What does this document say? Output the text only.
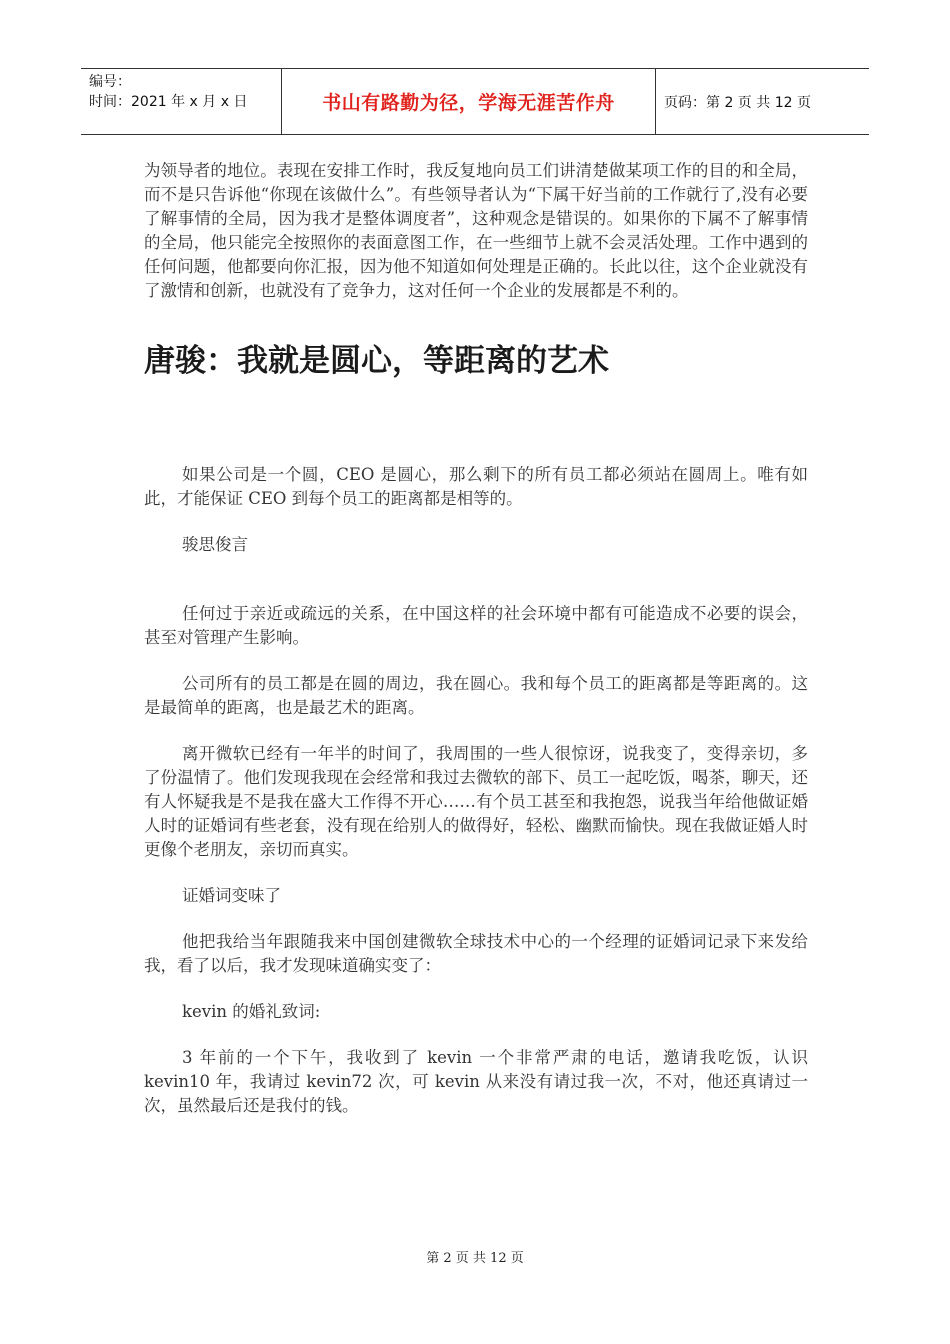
编号：
时间：2021 年 x 月 x 日	书山有路勤为径，学海无涯苦作舟	页码：第 2 页 共 12 页

为领导者的地位。表现在安排工作时，我反复地向员工们讲清楚做某项工作的目的和全局，而不是只告诉他“你现在该做什么”。有些领导者认为“下属干好当前的工作就行了,没有必要了解事情的全局，因为我才是整体调度者”，这种观念是错误的。如果你的下属不了解事情的全局，他只能完全按照你的表面意图工作，在一些细节上就不会灵活处理。工作中遇到的任何问题，他都要向你汇报，因为他不知道如何处理是正确的。长此以往，这个企业就没有了激情和创新，也就没有了竞争力，这对任何一个企业的发展都是不利的。

唐骏：我就是圆心，等距离的艺术

如果公司是一个圆，CEO 是圆心，那么剩下的所有员工都必须站在圆周上。唯有如此，才能保证 CEO 到每个员工的距离都是相等的。

骏思俊言

任何过于亲近或疏远的关系，在中国这样的社会环境中都有可能造成不必要的误会，甚至对管理产生影响。

公司所有的员工都是在圆的周边，我在圆心。我和每个员工的距离都是等距离的。这是最简单的距离，也是最艺术的距离。

离开微软已经有一年半的时间了，我周围的一些人很惊讶，说我变了，变得亲切，多了份温情了。他们发现我现在会经常和我过去微软的部下、员工一起吃饭，喝茶，聊天，还有人怀疑我是不是我在盛大工作得不开心……有个员工甚至和我抱怨，说我当年给他做证婚人时的证婚词有些老套，没有现在给别人的做得好，轻松、幽默而愉快。现在我做证婚人时更像个老朋友，亲切而真实。

证婚词变味了

他把我给当年跟随我来中国创建微软全球技术中心的一个经理的证婚词记录下来发给我，看了以后，我才发现味道确实变了：

kevin 的婚礼致词:

3 年前的一个下午，我收到了 kevin 一个非常严肃的电话，邀请我吃饭，认识 kevin10 年，我请过 kevin72 次，可 kevin 从来没有请过我一次，不对，他还真请过一次，虽然最后还是我付的钱。

第 2 页 共 12 页
